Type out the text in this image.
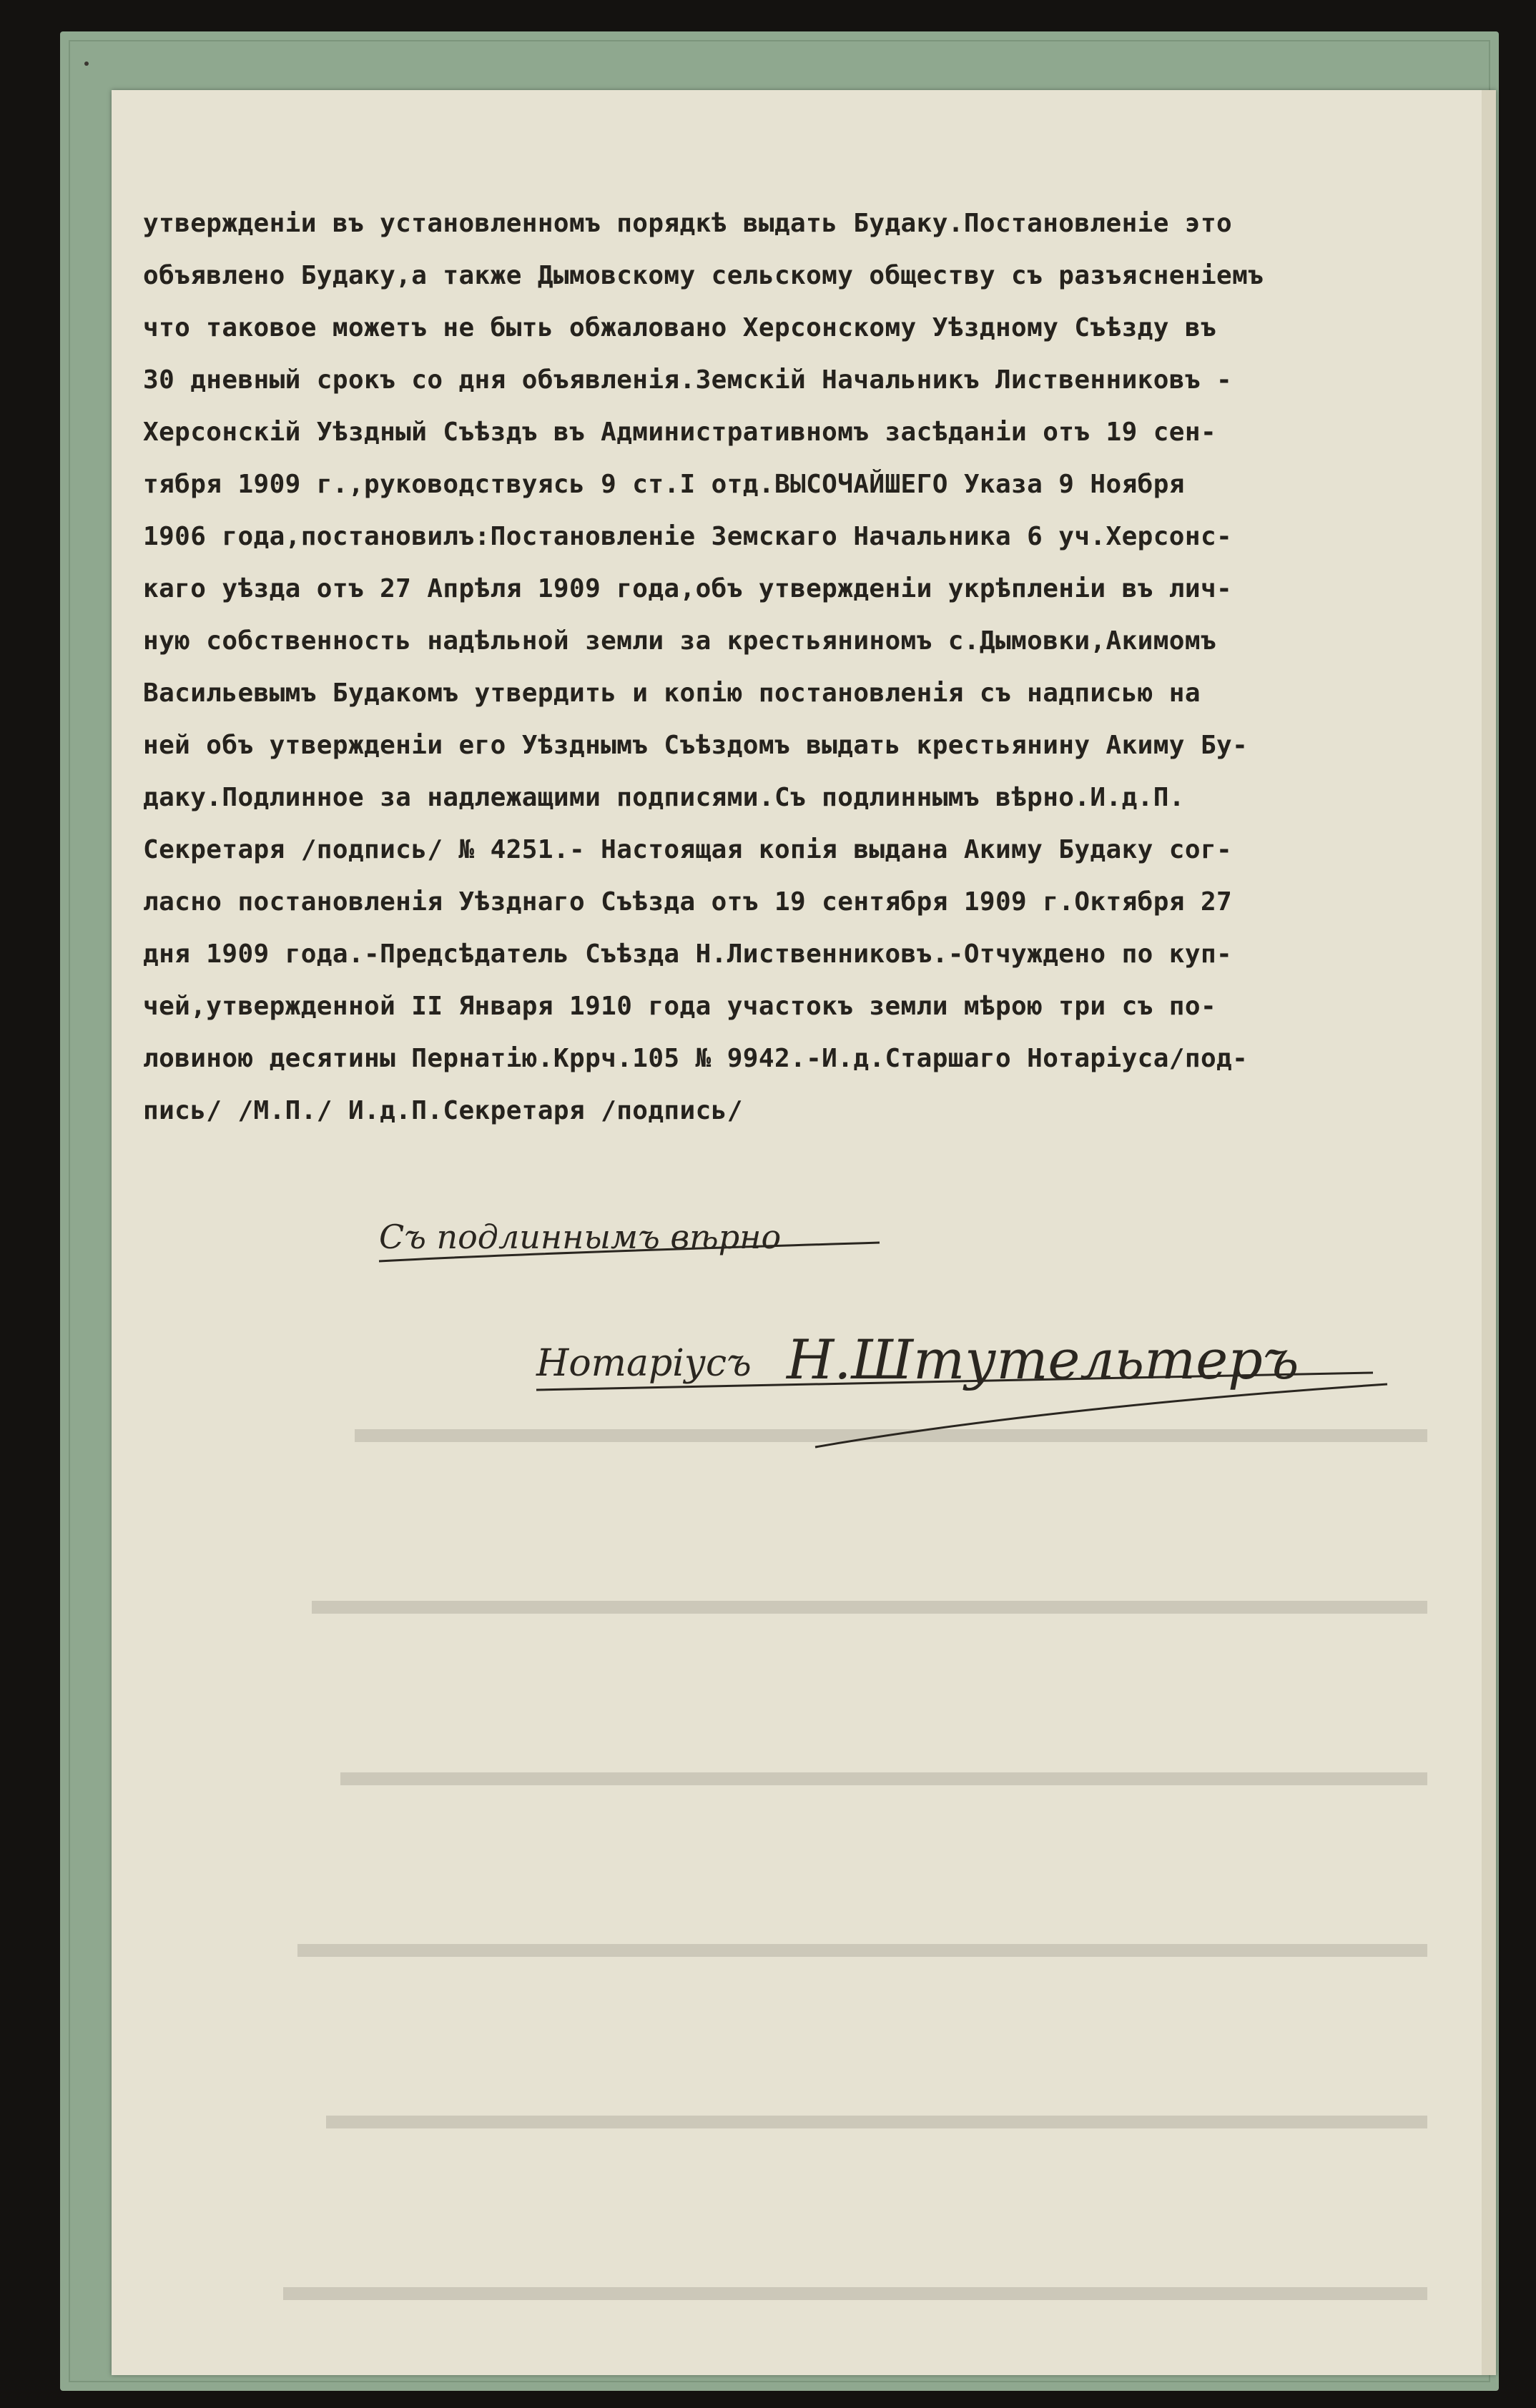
утвержденiи въ установленномъ порядкѣ выдать Будаку.Постановленiе это
объявлено Будаку,а также Дымовскому сельскому обществу съ разъясненiемъ
что таковое можетъ не быть обжаловано Херсонскому Уѣздному Съѣзду въ
30 дневный срокъ со дня объявленiя.Земскiй Начальникъ Лиственниковъ -
Херсонскiй Уѣздный Съѣздъ въ Административномъ засѣданiи отъ 19 сен-
тября 1909 г.,руководствуясь 9 ст.I отд.ВЫСОЧАЙШЕГО Указа 9 Ноября
1906 года,постановилъ:Постановленiе Земскаго Начальника 6 уч.Херсонс-
каго уѣзда отъ 27 Апрѣля 1909 года,объ утвержденiи укрѣпленiи въ лич-
ную собственность надѣльной земли за крестьяниномъ с.Дымовки,Акимомъ
Васильевымъ Будакомъ утвердить и копiю постановленiя съ надписью на
ней объ утвержденiи его Уѣзднымъ Съѣздомъ выдать крестьянину Акиму Бу-
даку.Подлинное за надлежащими подписями.Съ подлиннымъ вѣрно.И.д.П.
Секретаря /подпись/ № 4251.- Настоящая копiя выдана Акиму Будаку сог-
ласно постановленiя Уѣзднаго Съѣзда отъ 19 сентября 1909 г.Октября 27
дня 1909 года.-Предсѣдатель Съѣзда Н.Лиственниковъ.-Отчуждено по куп-
чей,утвержденной II Января 1910 года участокъ земли мѣрою три съ по-
ловиною десятины Пернатiю.Кррч.105 № 9942.-И.д.Старшаго Нотарiуса/под-
пись/ /М.П./ И.д.П.Секретаря /подпись/
Съ подлиннымъ вѣрно
Нотарiусъ Н.Штутельтеръ
